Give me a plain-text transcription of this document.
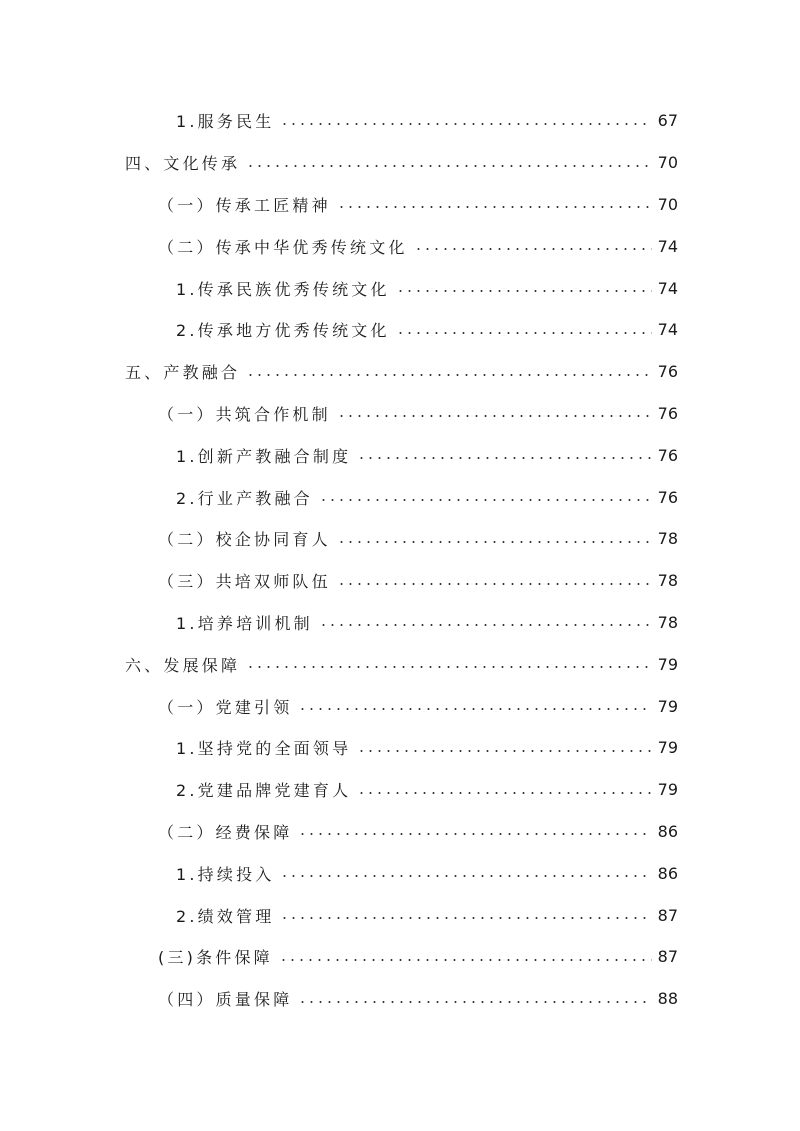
1.服务民生	67
四、文化传承	70
（一）传承工匠精神	70
（二）传承中华优秀传统文化	74
1.传承民族优秀传统文化	74
2.传承地方优秀传统文化	74
五、产教融合	76
（一）共筑合作机制	76
1.创新产教融合制度	76
2.行业产教融合	76
（二）校企协同育人	78
（三）共培双师队伍	78
1.培养培训机制	78
六、发展保障	79
（一）党建引领	79
1.坚持党的全面领导	79
2.党建品牌党建育人	79
（二）经费保障	86
1.持续投入	86
2.绩效管理	87
(三)条件保障	87
（四）质量保障	88
